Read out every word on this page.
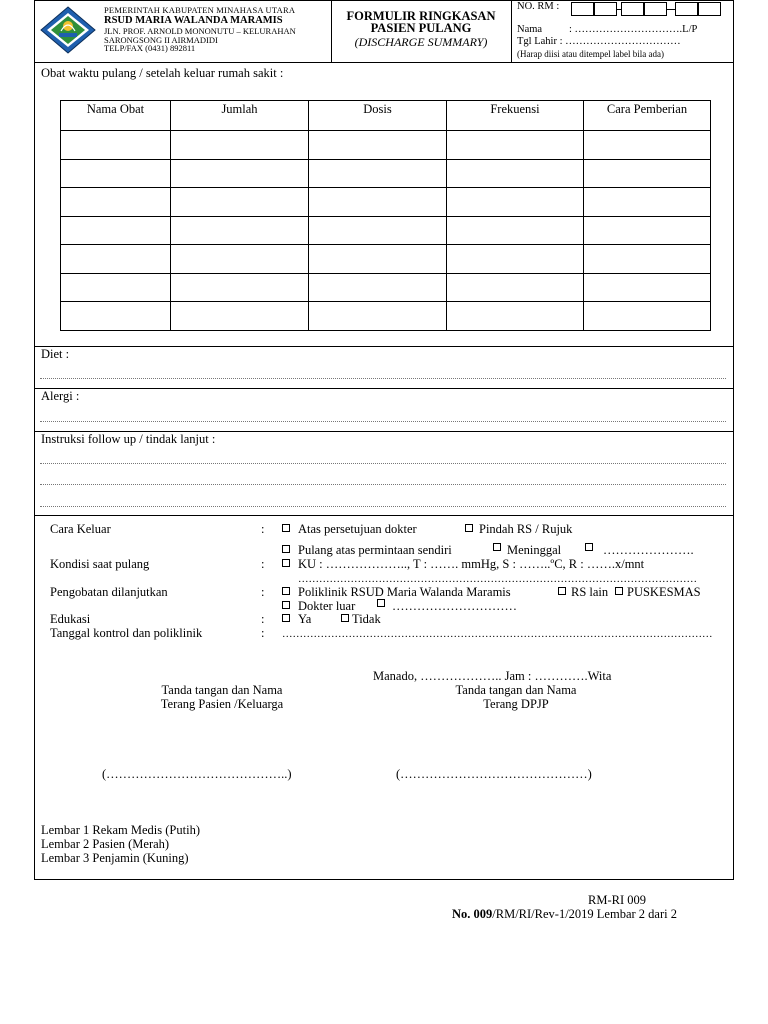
PEMERINTAH KABUPATEN MINAHASA UTARA
RSUD MARIA WALANDA MARAMIS
JLN. PROF. ARNOLD MONONUTU – KELURAHAN
SARONGSONG II AIRMADIDI
TELP/FAX (0431) 892811
FORMULIR RINGKASAN
PASIEN PULANG
(DISCHARGE SUMMARY)
NO. RM :
Nama	: ………………………….L/P
Tgl Lahir : ……………………………
(Harap diisi atau ditempel label bila ada)
Obat waktu pulang / setelah keluar rumah sakit :
Nama Obat	Jumlah	Dosis	Frekuensi	Cara Pemberian

Diet :
Alergi :
Instruksi follow up / tindak lanjut :
Cara Keluar	:	Atas persetujuan dokter	Pindah RS / Rujuk
Pulang atas permintaan sendiri	Meninggal	………………….
Kondisi saat pulang	:	KU : ……………….., T : ……. mmHg, S : ……..ºC, R : …….x/mnt
……………………………………………………………………………………………………
Pengobatan dilanjutkan	:	Poliklinik RSUD Maria Walanda Maramis	RS lain PUSKESMAS
Dokter luar	…………………………
Edukasi	:	Ya	Tidak
Tanggal kontrol dan poliklinik	: ……………………………………………………………………………………………………………
Manado, ……………….. Jam : ………….Wita
Tanda tangan dan Nama
Terang Pasien /Keluarga
Tanda tangan dan Nama
Terang DPJP
(……………………………………..)	(………………………………………)
Lembar 1 Rekam Medis (Putih)
Lembar 2 Pasien (Merah)
Lembar 3 Penjamin (Kuning)
RM-RI 009
No. 009/RM/RI/Rev-1/2019 Lembar 2 dari 2
